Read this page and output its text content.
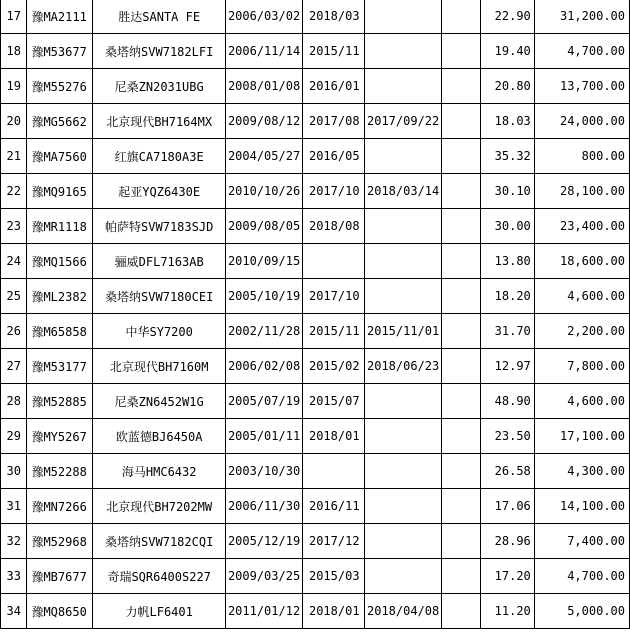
17	豫MA2111	胜达SANTA FE	2006/03/02	2018/03			22.90	31,200.00
18	豫M53677	桑塔纳SVW7182LFI	2006/11/14	2015/11			19.40	4,700.00
19	豫M55276	尼桑ZN2031UBG	2008/01/08	2016/01			20.80	13,700.00
20	豫MG5662	北京现代BH7164MX	2009/08/12	2017/08	2017/09/22		18.03	24,000.00
21	豫MA7560	红旗CA7180A3E	2004/05/27	2016/05			35.32	800.00
22	豫MQ9165	起亚YQZ6430E	2010/10/26	2017/10	2018/03/14		30.10	28,100.00
23	豫MR1118	帕萨特SVW7183SJD	2009/08/05	2018/08			30.00	23,400.00
24	豫MQ1566	骊威DFL7163AB	2010/09/15				13.80	18,600.00
25	豫ML2382	桑塔纳SVW7180CEI	2005/10/19	2017/10			18.20	4,600.00
26	豫M65858	中华SY7200	2002/11/28	2015/11	2015/11/01		31.70	2,200.00
27	豫M53177	北京现代BH7160M	2006/02/08	2015/02	2018/06/23		12.97	7,800.00
28	豫M52885	尼桑ZN6452W1G	2005/07/19	2015/07			48.90	4,600.00
29	豫MY5267	欧蓝德BJ6450A	2005/01/11	2018/01			23.50	17,100.00
30	豫M52288	海马HMC6432	2003/10/30				26.58	4,300.00
31	豫MN7266	北京现代BH7202MW	2006/11/30	2016/11			17.06	14,100.00
32	豫M52968	桑塔纳SVW7182CQI	2005/12/19	2017/12			28.96	7,400.00
33	豫MB7677	奇瑞SQR6400S227	2009/03/25	2015/03			17.20	4,700.00
34	豫MQ8650	力帆LF6401	2011/01/12	2018/01	2018/04/08		11.20	5,000.00
